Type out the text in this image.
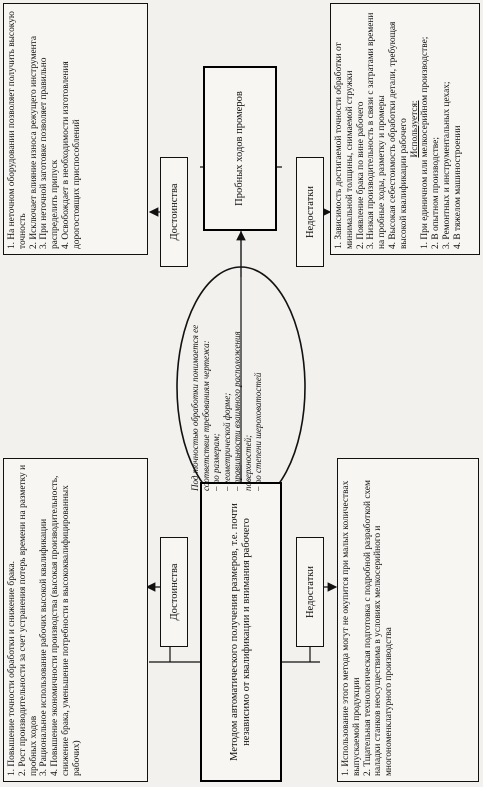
1. Повышение точности обработки и снижение брака. 2. Рост производительности за счет устранения потерь времени на разметку и пробных ходов 3. Рациональное использование рабочих высокой квалификации 4. Повышение экономичности производства (высокая производительность, снижение брака, уменьшение потребности в высококвалифицированных рабочих)
Достоинства	Методом автоматического получения размеров, т.е. почти независимо от квалификации и внимания рабочего	Недостатки	1. Использование этого метода могут не окупится при малых количествах выпускаемой продукции 2. Тщательная технологическая подготовка с подробной разработкой схем наладки станков неосуществима в условиях мелкосерийного и многономенклатурного производства
Под точностью обработки понимается ее соответствие требованиям чертежа: – по размерам; – геометрической форме; – правильности взаимного расположения поверхностей; – по степени шероховатостей
1. На неточном оборудовании позволяет получить высокую точность 2. Исключает влияние износа режущего инструмента 3. При неточной заготовке позволяет правильно распределить припуск 4. Освобождает в необходимости изготовления дорогостоящих приспособлений	Достоинства
Пробных ходов промеров
Недостатки	1. Зависимость достигаемой точности обработки от минимальной толщины, снимаемой стружки 2. Появление брака по вине рабочего 3. Низкая производительность в связи с затратами времени на пробные ходы, разметку и промеры 4. Высокая себестоимость обработки детали, требующая высокой квалификации рабочего Используется: 1. При единичном или мелкосерийном производстве; 2. В опытном производстве; 3. Ремонтных и инструментальных цехах; 4. В тяжелом машиностроении
